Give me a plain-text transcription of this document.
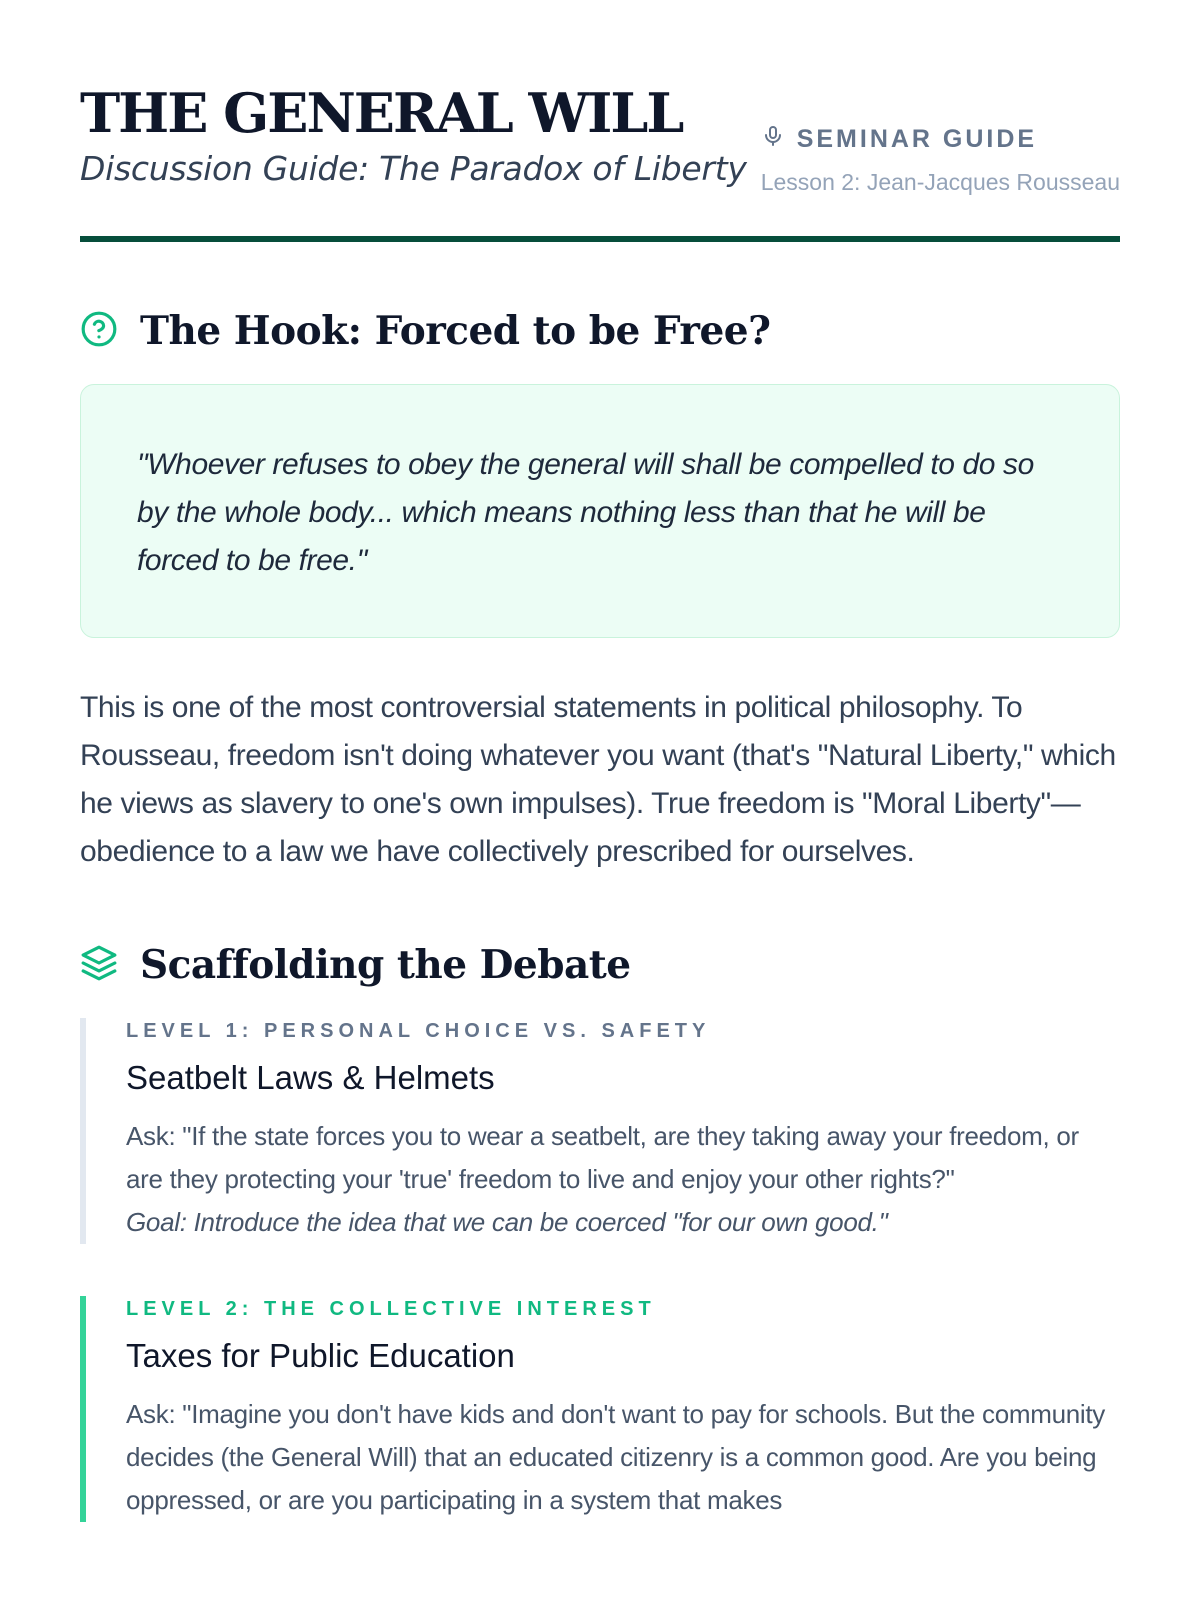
THE GENERAL WILL
Discussion Guide: The Paradox of Liberty
SEMINAR GUIDE
Lesson 2: Jean-Jacques Rousseau
The Hook: Forced to be Free?
"Whoever refuses to obey the general will shall be compelled to do so by the whole body... which means nothing less than that he will be forced to be free."

This is one of the most controversial statements in political philosophy. To Rousseau, freedom isn't doing whatever you want (that's "Natural Liberty," which he views as slavery to one's own impulses). True freedom is "Moral Liberty"—obedience to a law we have collectively prescribed for ourselves.

Scaffolding the Debate
LEVEL 1: PERSONAL CHOICE VS. SAFETY
Seatbelt Laws & Helmets
Ask: "If the state forces you to wear a seatbelt, are they taking away your freedom, or are they protecting your 'true' freedom to live and enjoy your other rights?"
Goal: Introduce the idea that we can be coerced "for our own good."
LEVEL 2: THE COLLECTIVE INTEREST
Taxes for Public Education
Ask: "Imagine you don't have kids and don't want to pay for schools. But the community decides (the General Will) that an educated citizenry is a common good. Are you being oppressed, or are you participating in a system that makes
